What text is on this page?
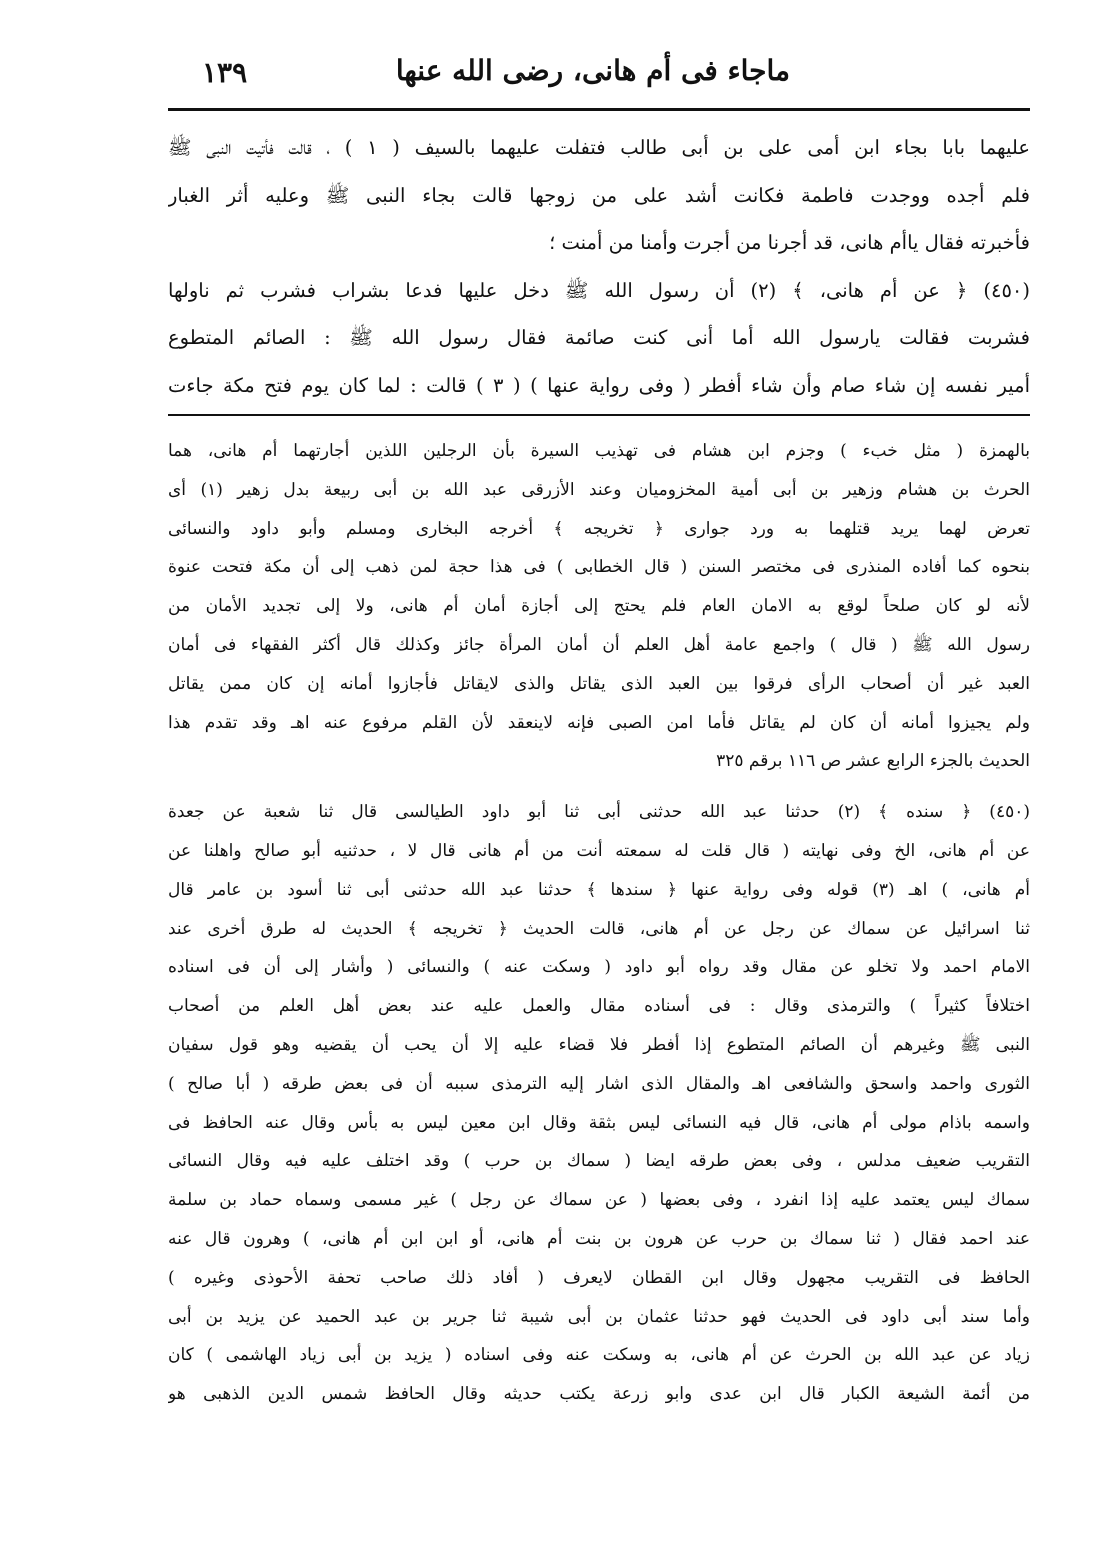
ماجاء فى أم هانى، رضى الله عنها
١٣٩
عليهما بابا بجاء ابن أمى على بن أبى طالب فتفلت عليهما بالسيف ( ١ ) ، قالت فأتيت النبى ﷺ
فلم أجده ووجدت فاطمة فكانت أشد على من زوجها قالت بجاء النبى ﷺ وعليه أثر الغبار
فأخبرته فقال ياأم هانى، قد أجرنا من أجرت وأمنا من أمنت ؛
(٤٥٠) ﴿ عن أم هانى، ﴾ (٢) أن رسول الله ﷺ دخل عليها فدعا بشراب فشرب ثم ناولها
فشربت فقالت يارسول الله أما أنى كنت صائمة فقال رسول الله ﷺ : الصائم المتطوع
أمير نفسه إن شاء صام وأن شاء أفطر ( وفى رواية عنها ) ( ٣ ) قالت : لما كان يوم فتح مكة جاءت
بالهمزة ( مثل خبء ) وجزم ابن هشام فى تهذيب السيرة بأن الرجلين اللذين أجارتهما أم هانى، هما
الحرث بن هشام وزهير بن أبى أمية المخزوميان وعند الأزرقى عبد الله بن أبى ربيعة بدل زهير (١) أى
تعرض لهما يريد قتلهما به ورد جوارى ﴿ تخريجه ﴾ أخرجه البخارى ومسلم وأبو داود والنسائى
بنحوه كما أفاده المنذرى فى مختصر السنن ( قال الخطابى ) فى هذا حجة لمن ذهب إلى أن مكة فتحت عنوة
لأنه لو كان صلحاً لوقع به الامان العام فلم يحتج إلى أجازة أمان أم هانى، ولا إلى تجديد الأمان من
رسول الله ﷺ ( قال ) واجمع عامة أهل العلم أن أمان المرأة جائز وكذلك قال أكثر الفقهاء فى أمان
العبد غير أن أصحاب الرأى فرقوا بين العبد الذى يقاتل والذى لايقاتل فأجازوا أمانه إن كان ممن يقاتل
ولم يجيزوا أمانه أن كان لم يقاتل فأما امن الصبى فإنه لاينعقد لأن القلم مرفوع عنه اهـ وقد تقدم هذا
الحديث بالجزء الرابع عشر ص ١١٦ برقم ٣٢٥
(٤٥٠) ﴿ سنده ﴾ (٢) حدثنا عبد الله حدثنى أبى ثنا أبو داود الطيالسى قال ثنا شعبة عن جعدة
عن أم هانى، الخ وفى نهايته ( قال قلت له سمعته أنت من أم هانى قال لا ، حدثنيه أبو صالح واهلنا عن
أم هانى، ) اهـ (٣) قوله وفى رواية عنها ﴿ سندها ﴾ حدثنا عبد الله حدثنى أبى ثنا أسود بن عامر قال
ثنا اسرائيل عن سماك عن رجل عن أم هانى، قالت الحديث ﴿ تخريجه ﴾ الحديث له طرق أخرى عند
الامام احمد ولا تخلو عن مقال وقد رواه أبو داود ( وسكت عنه ) والنسائى ( وأشار إلى أن فى اسناده
اختلافاً كثيراً ) والترمذى وقال : فى أسناده مقال والعمل عليه عند بعض أهل العلم من أصحاب
النبى ﷺ وغيرهم أن الصائم المتطوع إذا أفطر فلا قضاء عليه إلا أن يحب أن يقضيه وهو قول سفيان
الثورى واحمد واسحق والشافعى اهـ والمقال الذى اشار إليه الترمذى سببه أن فى بعض طرقه ( أبا صالح )
واسمه باذام مولى أم هانى، قال فيه النسائى ليس بثقة وقال ابن معين ليس به بأس وقال عنه الحافظ فى
التقريب ضعيف مدلس ، وفى بعض طرقه ايضا ( سماك بن حرب ) وقد اختلف عليه فيه وقال النسائى
سماك ليس يعتمد عليه إذا انفرد ، وفى بعضها ( عن سماك عن رجل ) غير مسمى وسماه حماد بن سلمة
عند احمد فقال ( ثنا سماك بن حرب عن هرون بن بنت أم هانى، أو ابن ابن أم هانى، ) وهرون قال عنه
الحافظ فى التقريب مجهول وقال ابن القطان لايعرف ( أفاد ذلك صاحب تحفة الأحوذى وغيره )
وأما سند أبى داود فى الحديث فهو حدثنا عثمان بن أبى شيبة ثنا جرير بن عبد الحميد عن يزيد بن أبى
زياد عن عبد الله بن الحرث عن أم هانى، به وسكت عنه وفى اسناده ( يزيد بن أبى زياد الهاشمى ) كان
من أئمة الشيعة الكبار قال ابن عدى وابو زرعة يكتب حديثه وقال الحافظ شمس الدين الذهبى هو
